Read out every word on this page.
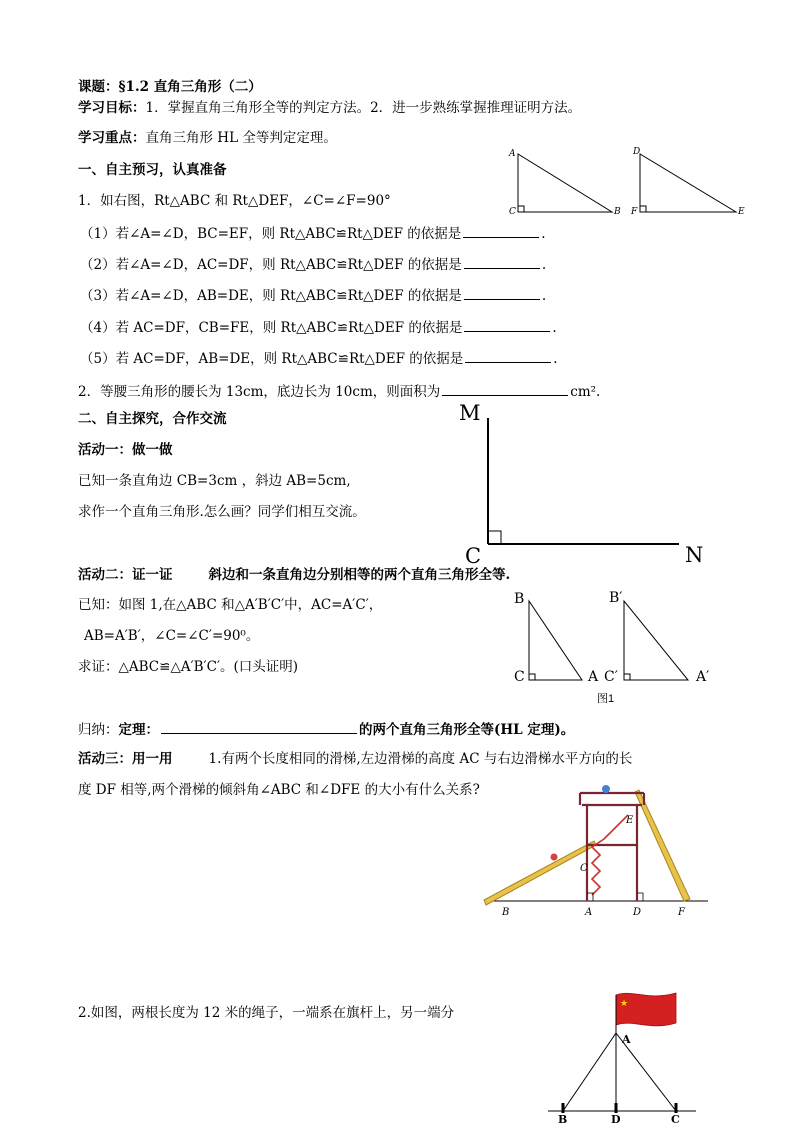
课题：§1.2 直角三角形（二）
学习目标：1．掌握直角三角形全等的判定方法。2．进一步熟练掌握推理证明方法。
学习重点：直角三角形 HL 全等判定定理。
一、自主预习，认真准备
1．如右图，Rt△ABC 和 Rt△DEF，∠C=∠F=90°
（1）若∠A=∠D，BC=EF，则 Rt△ABC≌Rt△DEF 的依据是	.
（2）若∠A=∠D，AC=DF，则 Rt△ABC≌Rt△DEF 的依据是	.
（3）若∠A=∠D，AB=DE，则 Rt△ABC≌Rt△DEF 的依据是	.
（4）若 AC=DF，CB=FE，则 Rt△ABC≌Rt△DEF 的依据是	.
（5）若 AC=DF，AB=DE，则 Rt△ABC≌Rt△DEF 的依据是	.
2．等腰三角形的腰长为 13cm，底边长为 10cm，则面积为	cm².
A
C	B
D
F	E
二、自主探究，合作交流
活动一：做一做
已知一条直角边 CB=3cm ，斜边 AB=5cm,
求作一个直角三角形.怎么画？同学们相互交流。
M
C	N
活动二：证一证	斜边和一条直角边分别相等的两个直角三角形全等.
已知：如图 1,在△ABC 和△A′B′C′中，AC=A′C′，
AB=A′B′，∠C=∠C′=90⁰。
求证：△ABC≌△A′B′C′。(口头证明)
B
C	A
B′
C′	A′
图1
归纳：定理：	的两个直角三角形全等(HL 定理)。
活动三：用一用	1.有两个长度相同的滑梯,左边滑梯的高度 AC 与右边滑梯水平方向的长
度 DF 相等,两个滑梯的倾斜角∠ABC 和∠DFE 的大小有什么关系?
E
C
B	A	D	F
2.如图，两根长度为 12 米的绳子，一端系在旗杆上，另一端分
★
A
B	D	C
